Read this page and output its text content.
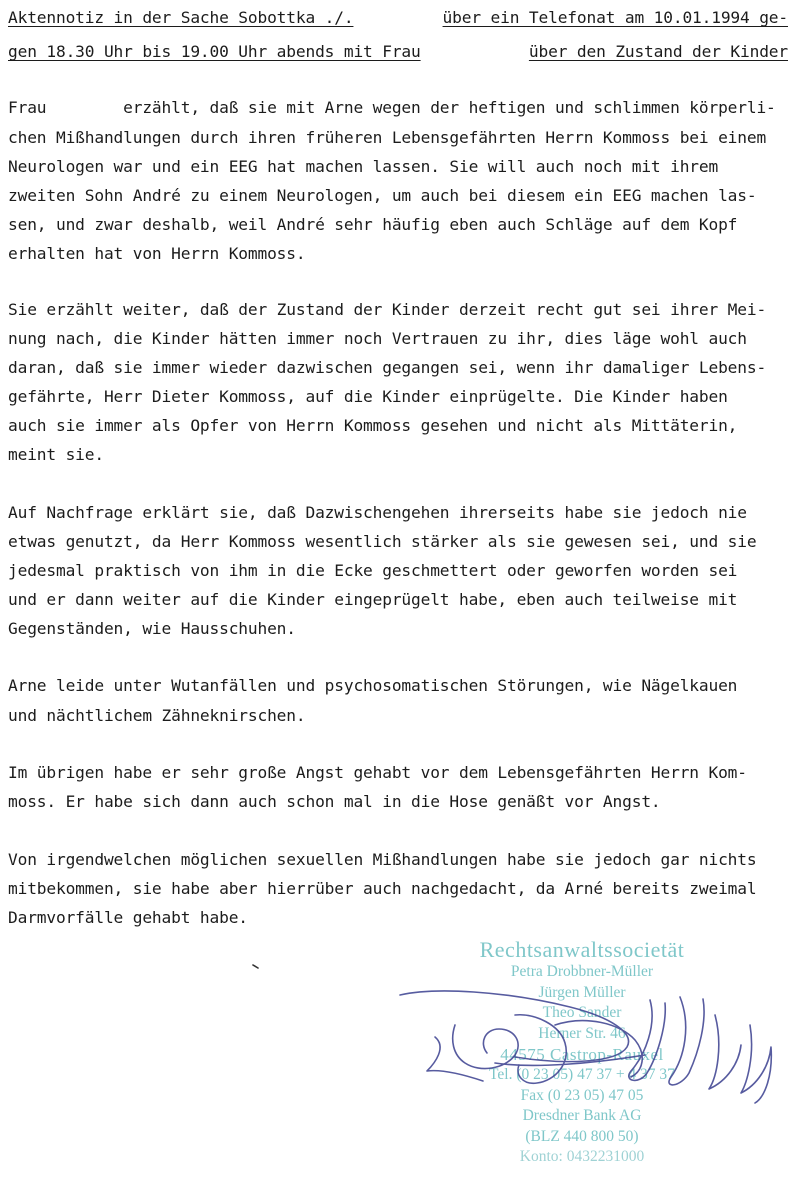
Aktennotiz in der Sache Sobottka ./.	über ein Telefonat am 10.01.1994 ge-
gen 18.30 Uhr bis 19.00 Uhr abends mit Frau	über den Zustand der Kinder
Frau        erzählt, daß sie mit Arne wegen der heftigen und schlimmen körperli-
chen Mißhandlungen durch ihren früheren Lebensgefährten Herrn Kommoss bei einem
Neurologen war und ein EEG hat machen lassen. Sie will auch noch mit ihrem
zweiten Sohn André zu einem Neurologen, um auch bei diesem ein EEG machen las-
sen, und zwar deshalb, weil André sehr häufig eben auch Schläge auf dem Kopf
erhalten hat von Herrn Kommoss.
Sie erzählt weiter, daß der Zustand der Kinder derzeit recht gut sei ihrer Mei-
nung nach, die Kinder hätten immer noch Vertrauen zu ihr, dies läge wohl auch
daran, daß sie immer wieder dazwischen gegangen sei, wenn ihr damaliger Lebens-
gefährte, Herr Dieter Kommoss, auf die Kinder einprügelte. Die Kinder haben
auch sie immer als Opfer von Herrn Kommoss gesehen und nicht als Mittäterin,
meint sie.
Auf Nachfrage erklärt sie, daß Dazwischengehen ihrerseits habe sie jedoch nie
etwas genutzt, da Herr Kommoss wesentlich stärker als sie gewesen sei, und sie
jedesmal praktisch von ihm in die Ecke geschmettert oder geworfen worden sei
und er dann weiter auf die Kinder eingeprügelt habe, eben auch teilweise mit
Gegenständen, wie Hausschuhen.
Arne leide unter Wutanfällen und psychosomatischen Störungen, wie Nägelkauen
und nächtlichem Zähneknirschen.
Im übrigen habe er sehr große Angst gehabt vor dem Lebensgefährten Herrn Kom-
moss. Er habe sich dann auch schon mal in die Hose genäßt vor Angst.
Von irgendwelchen möglichen sexuellen Mißhandlungen habe sie jedoch gar nichts
mitbekommen, sie habe aber hierrüber auch nachgedacht, da Arné bereits zweimal
Darmvorfälle gehabt habe.
Rechtsanwaltssocietät
Petra Drobbner-Müller
Jürgen Müller
Theo Sander
Herner Str. 46
44575 Castrop-Rauxel
Tel. (0 23 05) 47 37 + 4 37 37
Fax (0 23 05) 47 05
Dresdner Bank AG
(BLZ 440 800 50)
Konto: 0432231000
